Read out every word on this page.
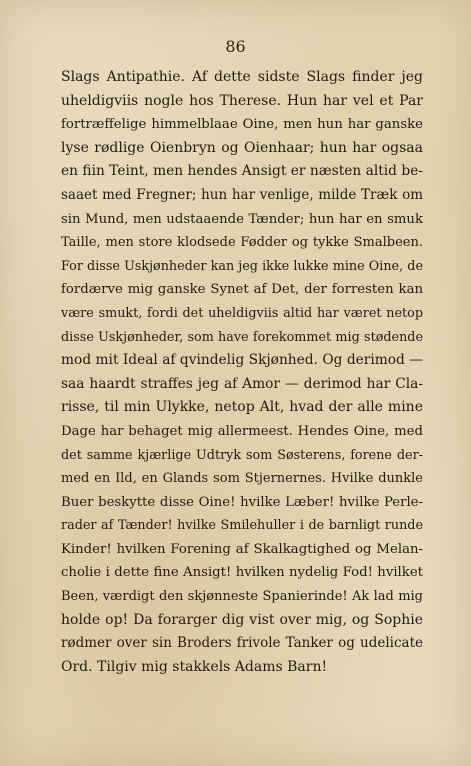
86
Slags Antipathie. Af dette sidste Slags finder jeg
uheldigviis nogle hos Therese. Hun har vel et Par
fortræffelige himmelblaae Oine, men hun har ganske
lyse rødlige Oienbryn og Oienhaar; hun har ogsaa
en fiin Teint, men hendes Ansigt er næsten altid be-
saaet med Fregner; hun har venlige, milde Træk om
sin Mund, men udstaaende Tænder; hun har en smuk
Taille, men store klodsede Fødder og tykke Smalbeen.
For disse Uskjønheder kan jeg ikke lukke mine Oine, de
fordærve mig ganske Synet af Det, der forresten kan
være smukt, fordi det uheldigviis altid har været netop
disse Uskjønheder, som have forekommet mig stødende
mod mit Ideal af qvindelig Skjønhed. Og derimod —
saa haardt straffes jeg af Amor — derimod har Cla-
risse, til min Ulykke, netop Alt, hvad der alle mine
Dage har behaget mig allermeest. Hendes Oine, med
det samme kjærlige Udtryk som Søsterens, forene der-
med en Ild, en Glands som Stjernernes. Hvilke dunkle
Buer beskytte disse Oine! hvilke Læber! hvilke Perle-
rader af Tænder! hvilke Smilehuller i de barnligt runde
Kinder! hvilken Forening af Skalkagtighed og Melan-
cholie i dette fine Ansigt! hvilken nydelig Fod! hvilket
Been, værdigt den skjønneste Spanierinde! Ak lad mig
holde op! Da forarger dig vist over mig, og Sophie
rødmer over sin Broders frivole Tanker og udelicate
Ord. Tilgiv mig stakkels Adams Barn!
